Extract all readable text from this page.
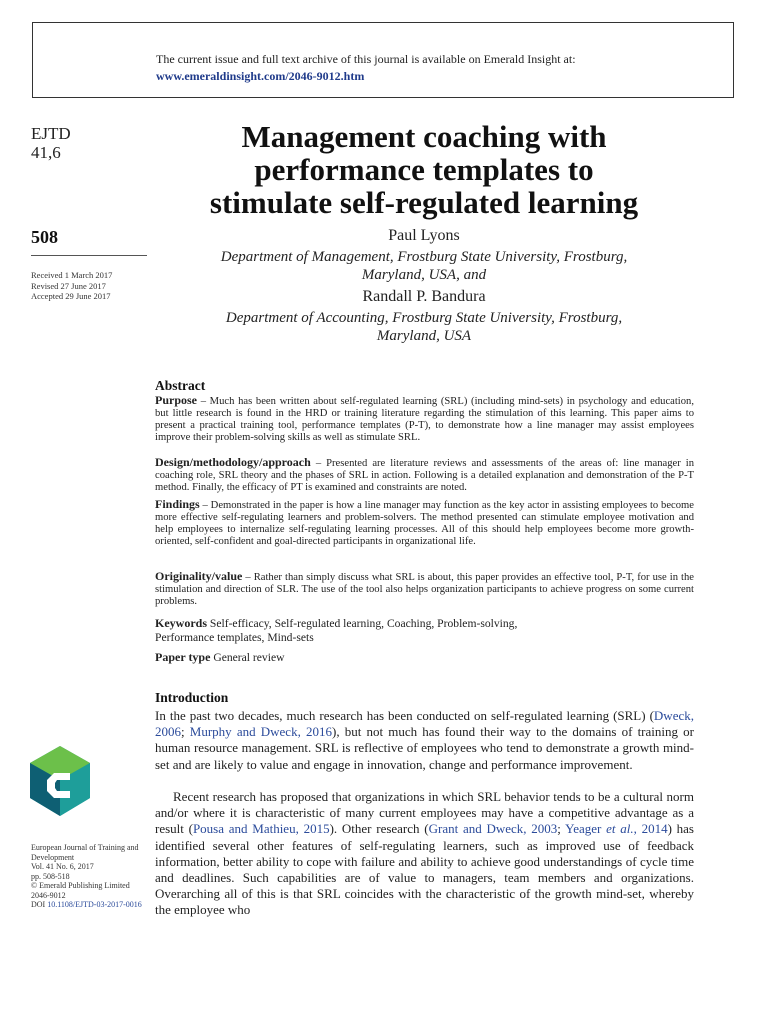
The current issue and full text archive of this journal is available on Emerald Insight at:
www.emeraldinsight.com/2046-9012.htm
EJTD
41,6
508
Received 1 March 2017
Revised 27 June 2017
Accepted 29 June 2017
Management coaching with
performance templates to
stimulate self-regulated learning
Paul Lyons
Department of Management, Frostburg State University, Frostburg,
Maryland, USA, and
Randall P. Bandura
Department of Accounting, Frostburg State University, Frostburg,
Maryland, USA
Abstract
Purpose – Much has been written about self-regulated learning (SRL) (including mind-sets) in psychology and education, but little research is found in the HRD or training literature regarding the stimulation of this learning. This paper aims to present a practical training tool, performance templates (P-T), to demonstrate how a line manager may assist employees improve their problem-solving skills as well as stimulate SRL.
Design/methodology/approach – Presented are literature reviews and assessments of the areas of: line manager in coaching role, SRL theory and the phases of SRL in action. Following is a detailed explanation and demonstration of the P-T method. Finally, the efficacy of PT is examined and constraints are noted.
Findings – Demonstrated in the paper is how a line manager may function as the key actor in assisting employees to become more effective self-regulating learners and problem-solvers. The method presented can stimulate employee motivation and help employees to internalize self-regulating learning processes. All of this should help employees become more growth-oriented, self-confident and goal-directed participants in organizational life.
Originality/value – Rather than simply discuss what SRL is about, this paper provides an effective tool, P-T, for use in the stimulation and direction of SLR. The use of the tool also helps organization participants to achieve progress on some current problems.
Keywords Self-efficacy, Self-regulated learning, Coaching, Problem-solving,
Performance templates, Mind-sets
Paper type General review
Introduction
In the past two decades, much research has been conducted on self-regulated learning (SRL) (Dweck, 2006; Murphy and Dweck, 2016), but not much has found their way to the domains of training or human resource management. SRL is reflective of employees who tend to demonstrate a growth mind-set and are likely to value and engage in innovation, change and performance improvement.
Recent research has proposed that organizations in which SRL behavior tends to be a cultural norm and/or where it is characteristic of many current employees may have a competitive advantage as a result (Pousa and Mathieu, 2015). Other research (Grant and Dweck, 2003; Yeager et al., 2014) has identified several other features of self-regulating learners, such as improved use of feedback information, better ability to cope with failure and ability to achieve good understandings of cycle time and deadlines. Such capabilities are of value to managers, team members and organizations. Overarching all of this is that SRL coincides with the characteristic of the growth mind-set, whereby the employee who
European Journal of Training and Development
Vol. 41 No. 6, 2017
pp. 508-518
© Emerald Publishing Limited
2046-9012
DOI 10.1108/EJTD-03-2017-0016
